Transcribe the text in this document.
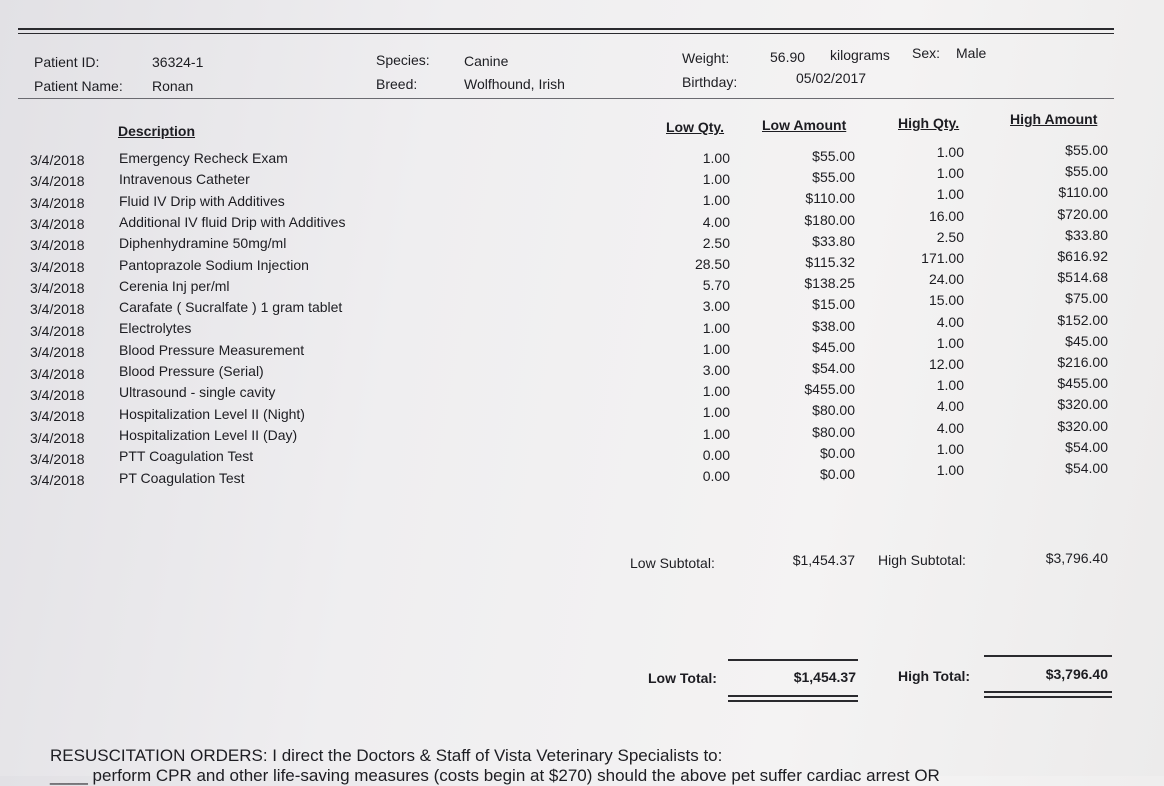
Patient ID:	36324-1
Patient Name: Ronan
Species: Canine
Breed:	Wolfhound, Irish
Weight:	56.90 kilograms Sex: Male
Birthday:	05/02/2017
Description	Low Qty.	Low Amount	High Qty.	High Amount
3/4/2018 Emergency Recheck Exam	1.00	$55.00	1.00	$55.00
3/4/2018 Intravenous Catheter	1.00	$55.00	1.00	$55.00
3/4/2018 Fluid IV Drip with Additives	1.00	$110.00	1.00	$110.00
3/4/2018 Additional IV fluid Drip with Additives	4.00	$180.00	16.00	$720.00
3/4/2018 Diphenhydramine 50mg/ml	2.50	$33.80	2.50	$33.80
3/4/2018 Pantoprazole Sodium Injection	28.50	$115.32	171.00	$616.92
3/4/2018 Cerenia Inj per/ml	5.70	$138.25	24.00	$514.68
3/4/2018 Carafate ( Sucralfate ) 1 gram tablet	3.00	$15.00	15.00	$75.00
3/4/2018 Electrolytes	1.00	$38.00	4.00	$152.00
3/4/2018 Blood Pressure Measurement	1.00	$45.00	1.00	$45.00
3/4/2018 Blood Pressure (Serial)	3.00	$54.00	12.00	$216.00
3/4/2018 Ultrasound - single cavity	1.00	$455.00	1.00	$455.00
3/4/2018 Hospitalization Level II (Night)	1.00	$80.00	4.00	$320.00
3/4/2018 Hospitalization Level II (Day)	1.00	$80.00	4.00	$320.00
3/4/2018 PTT Coagulation Test	0.00	$0.00	1.00	$54.00
3/4/2018 PT Coagulation Test	0.00	$0.00	1.00	$54.00
Low Subtotal:	$1,454.37 High Subtotal:	$3,796.40
Low Total:	$1,454.37	High Total:	$3,796.40
RESUSCITATION ORDERS: I direct the Doctors & Staff of Vista Veterinary Specialists to:
____ perform CPR and other life-saving measures (costs begin at $270) should the above pet suffer cardiac arrest OR
